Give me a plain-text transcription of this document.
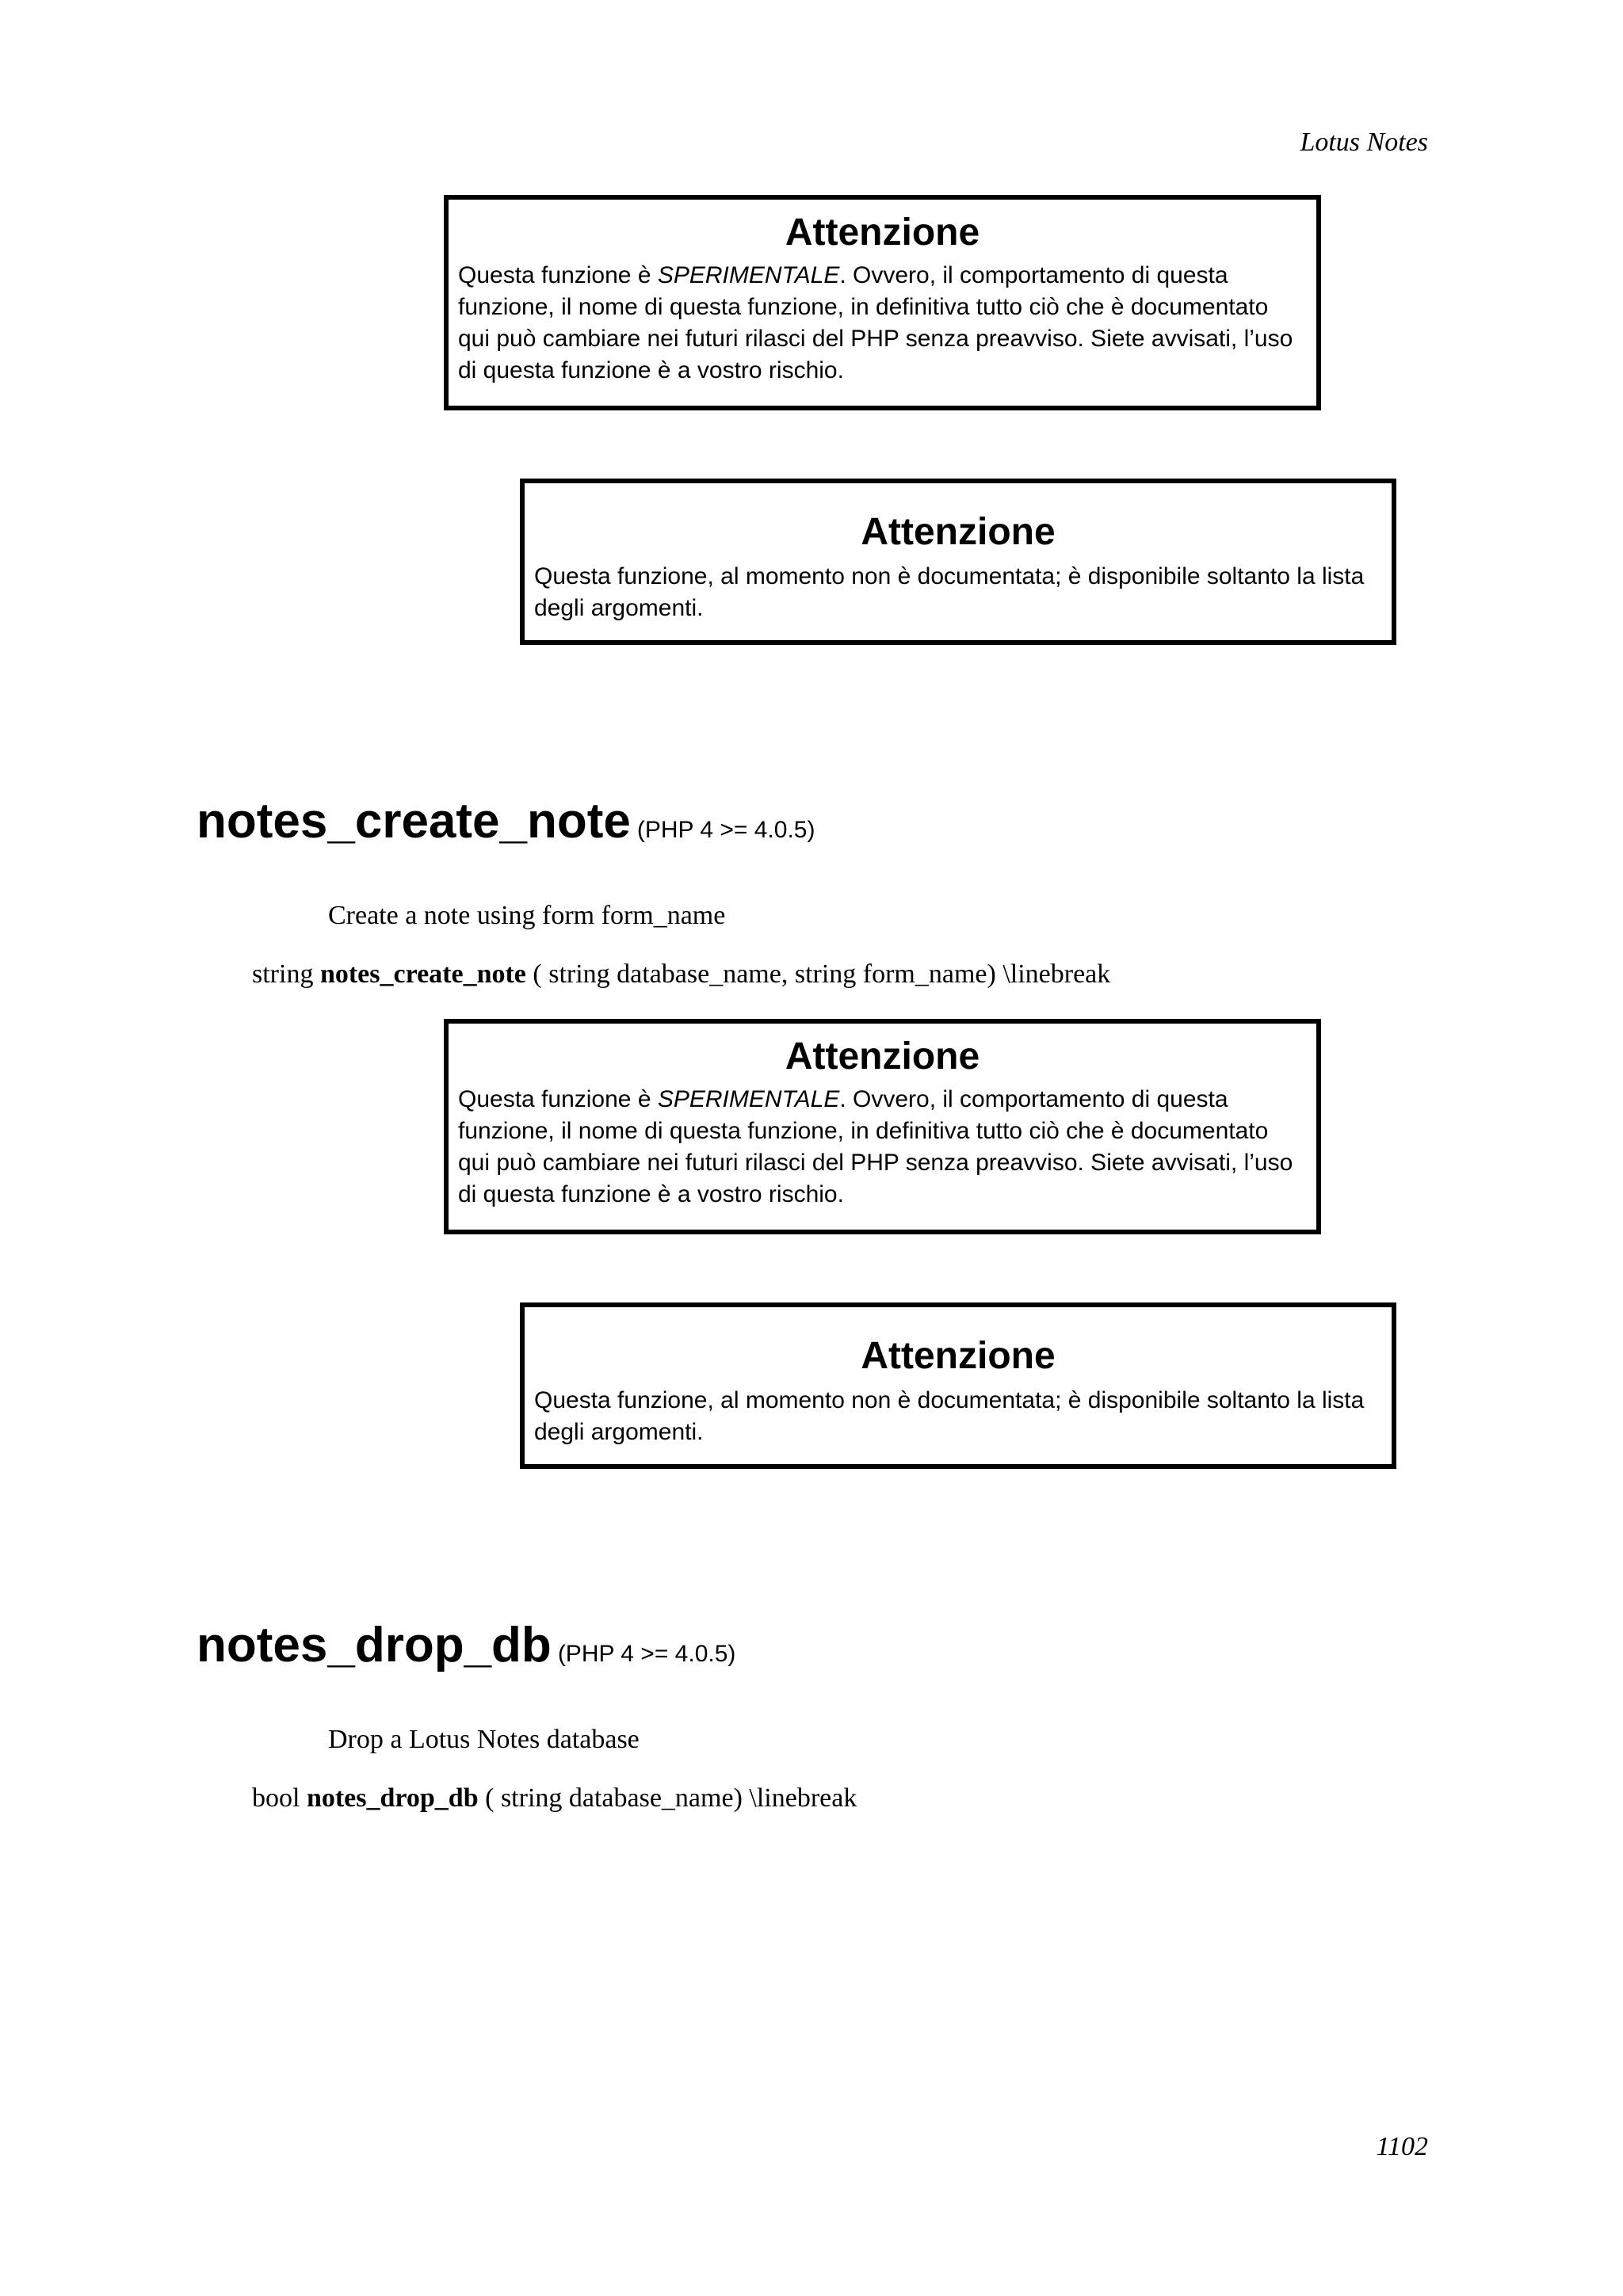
Lotus Notes

Attenzione

Questa funzione è SPERIMENTALE. Ovvero, il comportamento di questa funzione, il nome di questa funzione, in definitiva tutto ciò che è documentato qui può cambiare nei futuri rilasci del PHP senza preavviso. Siete avvisati, l’uso di questa funzione è a vostro rischio.

Attenzione

Questa funzione, al momento non è documentata; è disponibile soltanto la lista degli argomenti.

notes_create_note (PHP 4 >= 4.0.5)

Create a note using form form_name

string notes_create_note ( string database_name, string form_name) \linebreak

Attenzione

Questa funzione è SPERIMENTALE. Ovvero, il comportamento di questa funzione, il nome di questa funzione, in definitiva tutto ciò che è documentato qui può cambiare nei futuri rilasci del PHP senza preavviso. Siete avvisati, l’uso di questa funzione è a vostro rischio.

Attenzione

Questa funzione, al momento non è documentata; è disponibile soltanto la lista degli argomenti.

notes_drop_db (PHP 4 >= 4.0.5)

Drop a Lotus Notes database

bool notes_drop_db ( string database_name) \linebreak

1102
